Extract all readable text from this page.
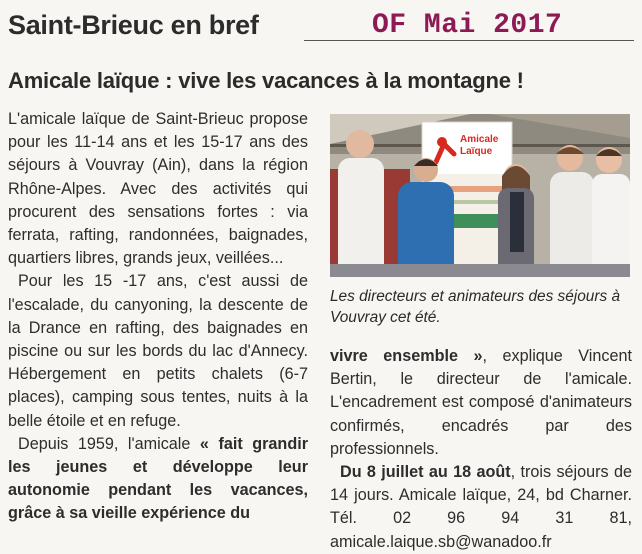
Saint-Brieuc en bref	OF Mai 2017
Amicale laïque : vive les vacances à la montagne !

L'amicale laïque de Saint-Brieuc propose pour les 11-14 ans et les 15-17 ans des séjours à Vouvray (Ain), dans la région Rhône-Alpes. Avec des activités qui procurent des sensations fortes : via ferrata, rafting, randonnées, baignades, quartiers libres, grands jeux, veillées...

Pour les 15 -17 ans, c'est aussi de l'escalade, du canyoning, la descente de la Drance en rafting, des baignades en piscine ou sur les bords du lac d'Annecy. Hébergement en petits chalets (6-7 places), camping sous tentes, nuits à la belle étoile et en refuge.

Depuis 1959, l'amicale « fait grandir les jeunes et développe leur autonomie pendant les vacances, grâce à sa vieille expérience du

Amicale
Laïque
Les directeurs et animateurs des séjours à Vouvray cet été.

vivre ensemble », explique Vincent Bertin, le directeur de l'amicale. L'encadrement est composé d'animateurs confirmés, encadrés par des professionnels.

Du 8 juillet au 18 août, trois séjours de 14 jours. Amicale laïque, 24, bd Charner. Tél. 02 96 94 31 81, amicale.laique.sb@wanadoo.fr
